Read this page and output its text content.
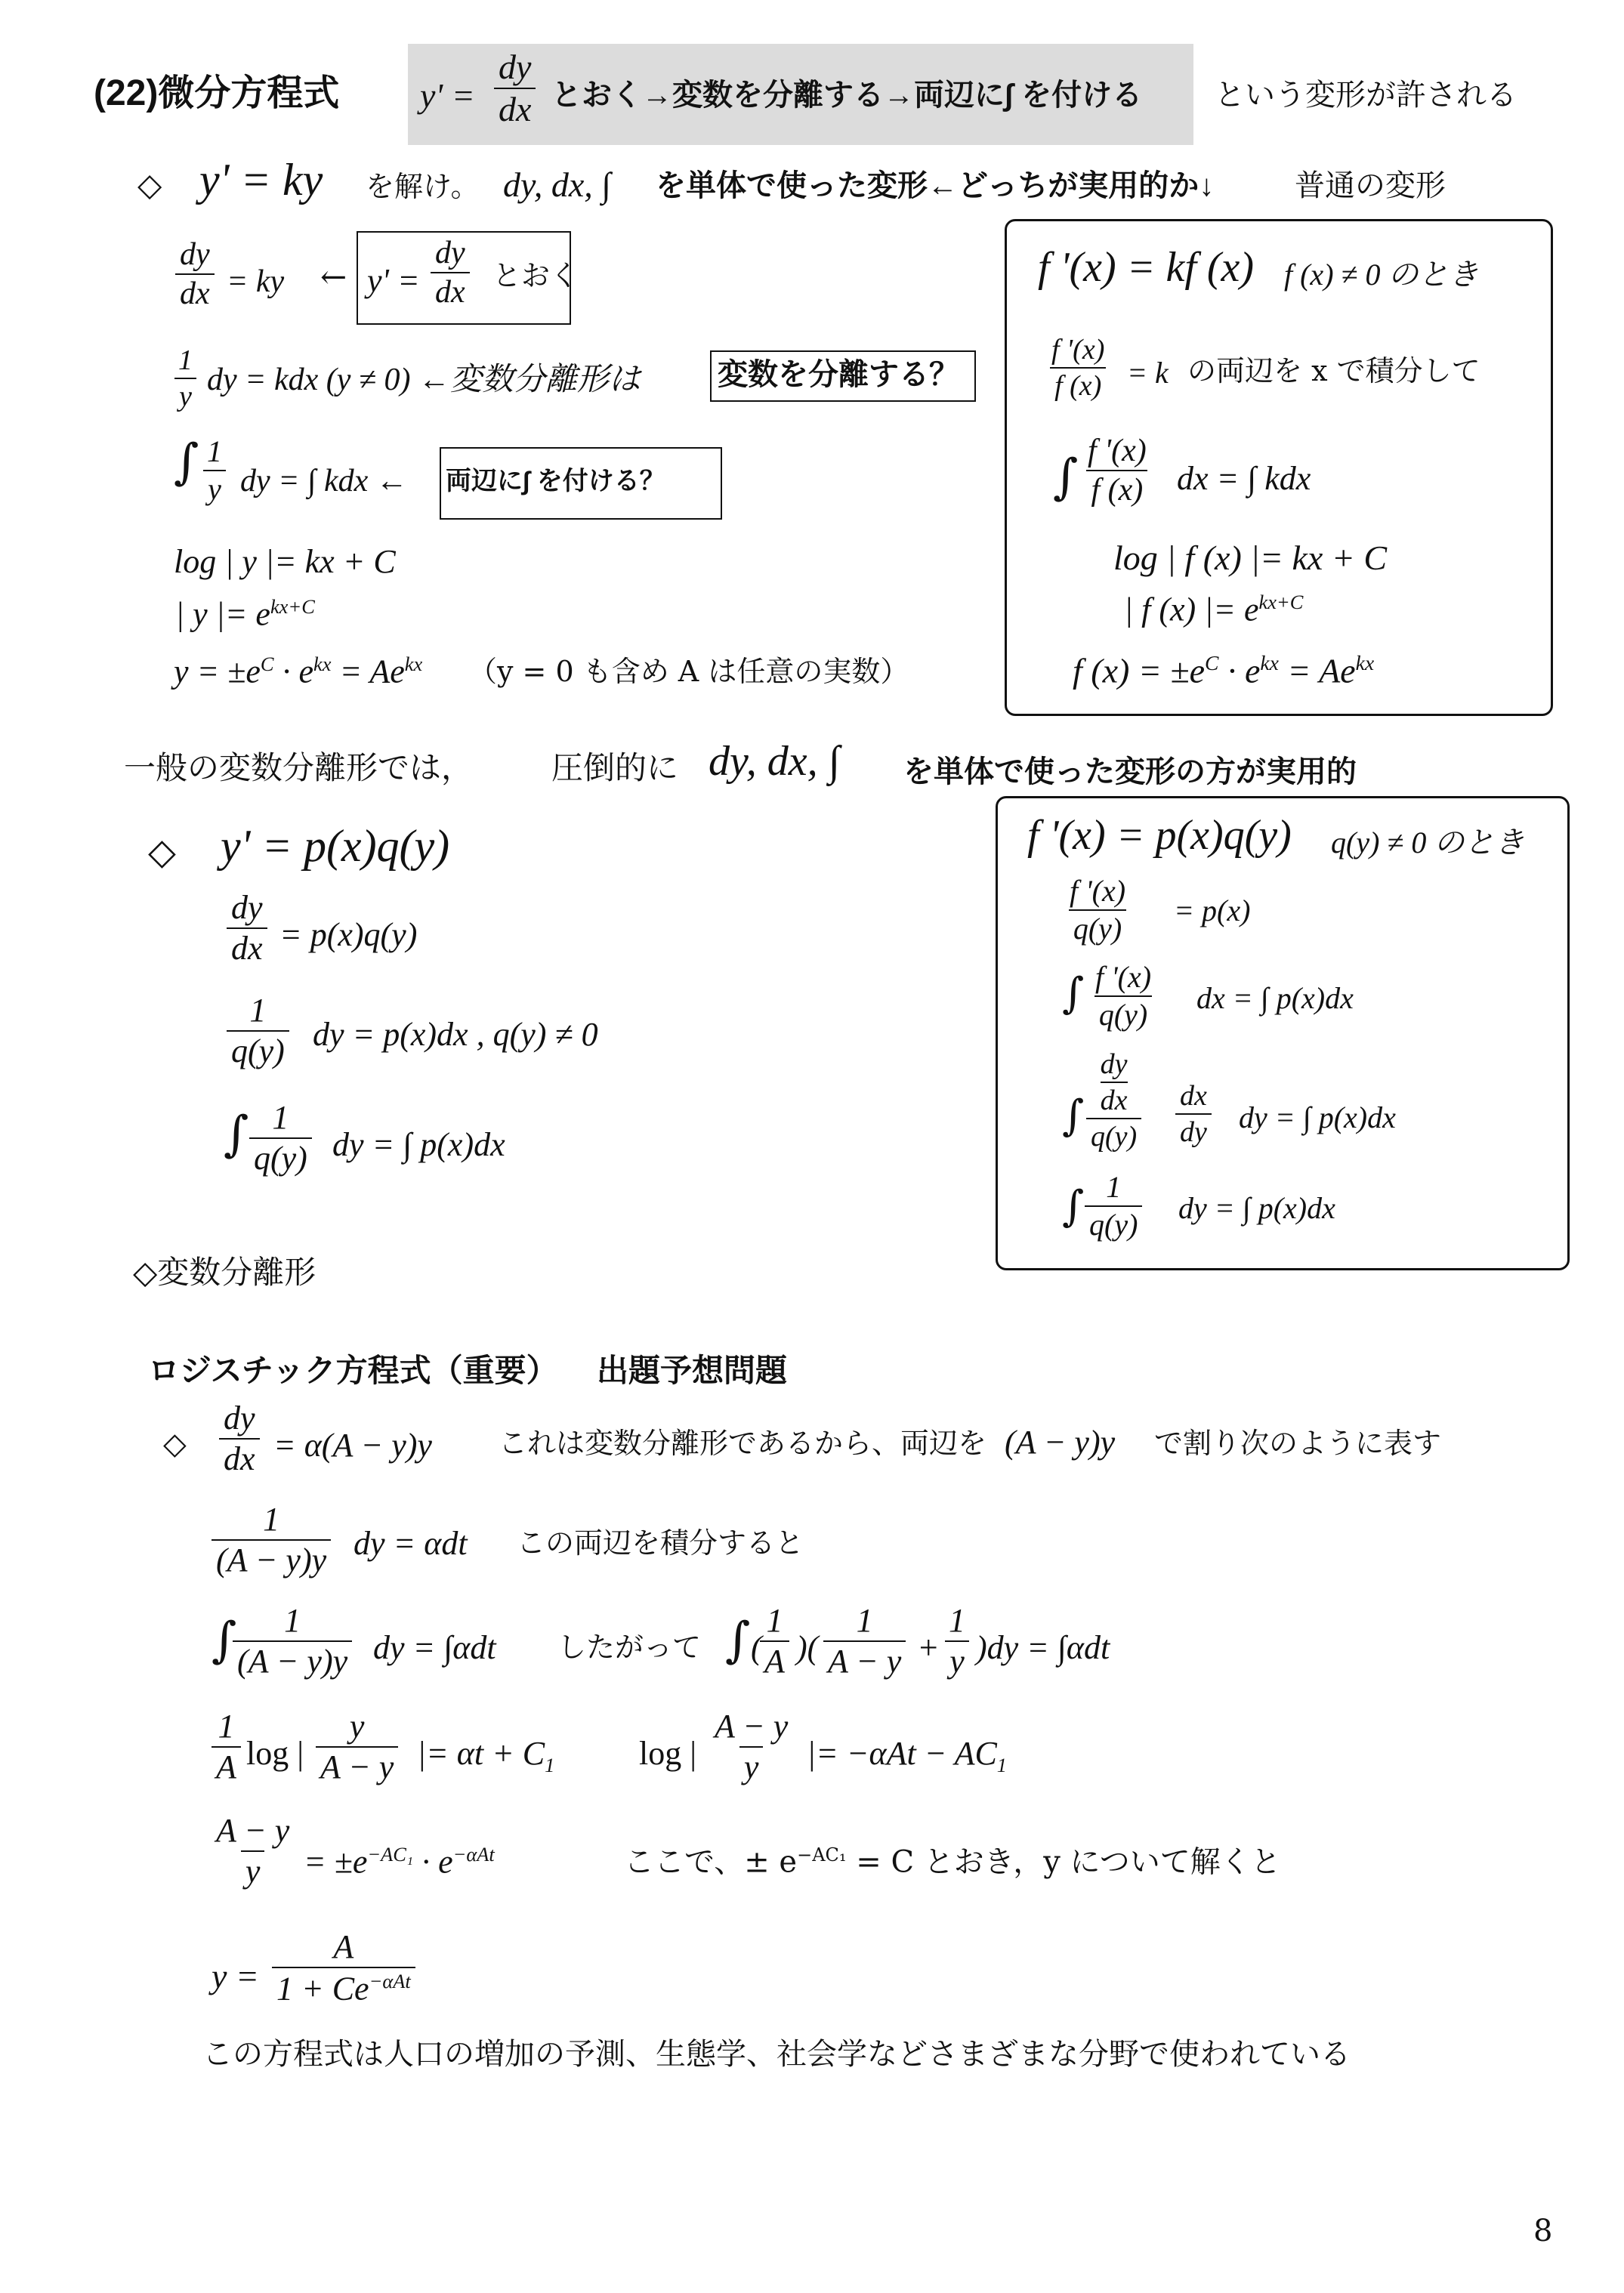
(22)微分方程式 $y' = \frac{dy}{dx}$ とおく→変数を分離する→両辺に∫ を付ける という変形が許される
◇ y' = ky を解け。 dy, dx, ∫ を単体で使った変形←どっちが実用的か↓	普通の変形
$\frac{dy}{dx}$ = ky ← $y' = \frac{dy}{dx}$ とおく
$\frac{1}{y}$ dy = kdx (y ≠ 0) ←変数分離形は	変数を分離する？
∫ $\frac{1}{y}$ dy = ∫ kdx ← 両辺に∫ を付ける？
log | y |= kx + C
| y |= $e^{kx+C}$
$y = \pm e^C \cdot e^{kx} = Ae^{kx}$ （y = 0 も含め A は任意の実数）
f '(x) = kf (x) f (x) ≠ 0 のとき
$\frac{f '(x)}{f (x)} = k$ の両辺を x で積分して
∫ $\frac{f '(x)}{f (x)}$ dx = ∫ kdx
log | f (x) |= kx + C
| f (x) |= $e^{kx+C}$
f $(x) = \pm e^C \cdot e^{kx} = Ae^{kx}$
一般の変数分離形では， 圧倒的に dy, dx, ∫ を単体で使った変形の方が実用的
◇ y' = p(x)q(y)
$\frac{dy}{dx} = p(x)q(y)$
$\frac{1}{q(y)}$ dy = p(x)dx , q(y) ≠ 0
∫ $\frac{1}{q(y)}$ dy = ∫ p(x)dx
f '(x) = p(x)q(y) q(y) ≠ 0 のとき
$\frac{f '(x)}{q(y)} = p(x)$
∫ $\frac{f '(x)}{q(y)}$ dx = ∫ p(x)dx
∫ $\frac{\frac{dy}{dx}}{q(y)} \frac{dx}{dy}$ dy = ∫ p(x)dx
∫ $\frac{1}{q(y)}$ dy = ∫ p(x)dx
◇変数分離形
ロジスチック方程式（重要） 出題予想問題
◇ $\frac{dy}{dx} = \alpha(A - y)y$ これは変数分離形であるから、両辺を (A − y)y で割り次のように表す
$\frac{1}{(A - y)y}$ dy = αdt この両辺を積分すると
∫
$\frac{1}{(A - y)y}$ dy = ∫αdt したがって ∫ (
$\frac{1}{A}$ )( $\frac{1}{A - y} + \frac{1}{y} )dy = \int\alpha dt$
$\frac{1}{A}$ log | $\frac{y}{A - y}$ |= $\alpha t + C_1$	log | $\frac{A - y}{y}$ |= $-\alpha At - AC_1$
$\frac{A - y}{y} = \pm e^{-AC_1} \cdot e^{-\alpha At}$	ここで、± $e^{-AC_1} = C$ とおき，y について解くと
y =
A
$1 + Ce^{-\alpha At}$
この方程式は人口の増加の予測、生態学、社会学などさまざまな分野で使われている
8
